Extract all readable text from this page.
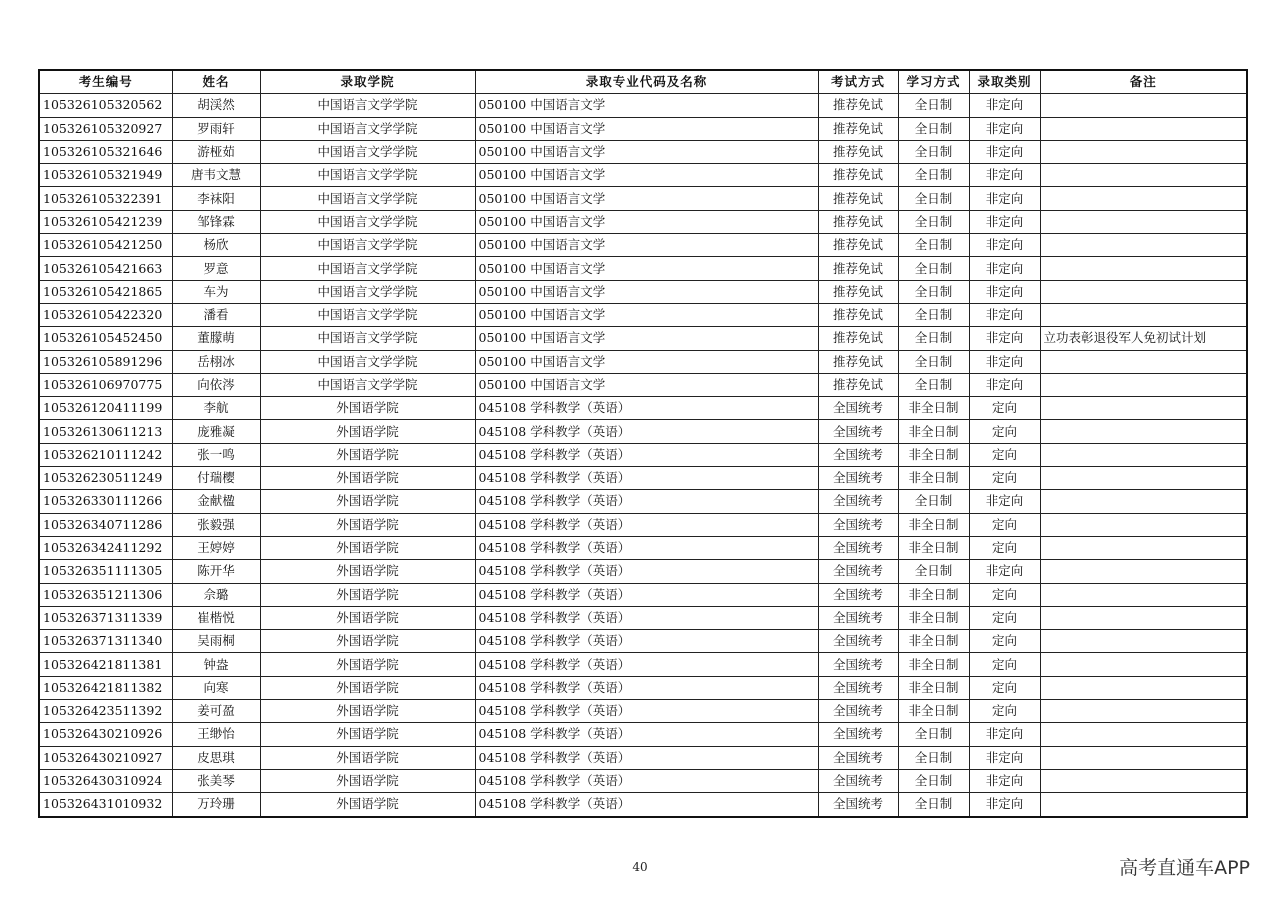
考生编号	姓名	录取学院	录取专业代码及名称	考试方式	学习方式	录取类别	备注
105326105320562	胡渓然	中国语言文学学院	050100 中国语言文学	推荐免试	全日制	非定向	
105326105320927	罗雨轩	中国语言文学学院	050100 中国语言文学	推荐免试	全日制	非定向	
105326105321646	游桠茹	中国语言文学学院	050100 中国语言文学	推荐免试	全日制	非定向	
105326105321949	唐韦文慧	中国语言文学学院	050100 中国语言文学	推荐免试	全日制	非定向	
105326105322391	李袜阳	中国语言文学学院	050100 中国语言文学	推荐免试	全日制	非定向	
105326105421239	邹锋霖	中国语言文学学院	050100 中国语言文学	推荐免试	全日制	非定向	
105326105421250	杨欣	中国语言文学学院	050100 中国语言文学	推荐免试	全日制	非定向	
105326105421663	罗意	中国语言文学学院	050100 中国语言文学	推荐免试	全日制	非定向	
105326105421865	车为	中国语言文学学院	050100 中国语言文学	推荐免试	全日制	非定向	
105326105422320	潘看	中国语言文学学院	050100 中国语言文学	推荐免试	全日制	非定向	
105326105452450	董朦萌	中国语言文学学院	050100 中国语言文学	推荐免试	全日制	非定向	立功表彰退役军人免初试计划
105326105891296	岳栩冰	中国语言文学学院	050100 中国语言文学	推荐免试	全日制	非定向	
105326106970775	向依涔	中国语言文学学院	050100 中国语言文学	推荐免试	全日制	非定向	
105326120411199	李航	外国语学院	045108 学科教学（英语）	全国统考	非全日制	定向	
105326130611213	庞雅凝	外国语学院	045108 学科教学（英语）	全国统考	非全日制	定向	
105326210111242	张一鸣	外国语学院	045108 学科教学（英语）	全国统考	非全日制	定向	
105326230511249	付瑞樱	外国语学院	045108 学科教学（英语）	全国统考	非全日制	定向	
105326330111266	金献楹	外国语学院	045108 学科教学（英语）	全国统考	全日制	非定向	
105326340711286	张毅强	外国语学院	045108 学科教学（英语）	全国统考	非全日制	定向	
105326342411292	王婷婷	外国语学院	045108 学科教学（英语）	全国统考	非全日制	定向	
105326351111305	陈开华	外国语学院	045108 学科教学（英语）	全国统考	全日制	非定向	
105326351211306	佘璐	外国语学院	045108 学科教学（英语）	全国统考	非全日制	定向	
105326371311339	崔楷悦	外国语学院	045108 学科教学（英语）	全国统考	非全日制	定向	
105326371311340	吴雨桐	外国语学院	045108 学科教学（英语）	全国统考	非全日制	定向	
105326421811381	钟盎	外国语学院	045108 学科教学（英语）	全国统考	非全日制	定向	
105326421811382	向寒	外国语学院	045108 学科教学（英语）	全国统考	非全日制	定向	
105326423511392	姜可盈	外国语学院	045108 学科教学（英语）	全国统考	非全日制	定向	
105326430210926	王缈怡	外国语学院	045108 学科教学（英语）	全国统考	全日制	非定向	
105326430210927	皮思琪	外国语学院	045108 学科教学（英语）	全国统考	全日制	非定向	
105326430310924	张美琴	外国语学院	045108 学科教学（英语）	全国统考	全日制	非定向	
105326431010932	万玲珊	外国语学院	045108 学科教学（英语）	全国统考	全日制	非定向	
40	高考直通车APP
